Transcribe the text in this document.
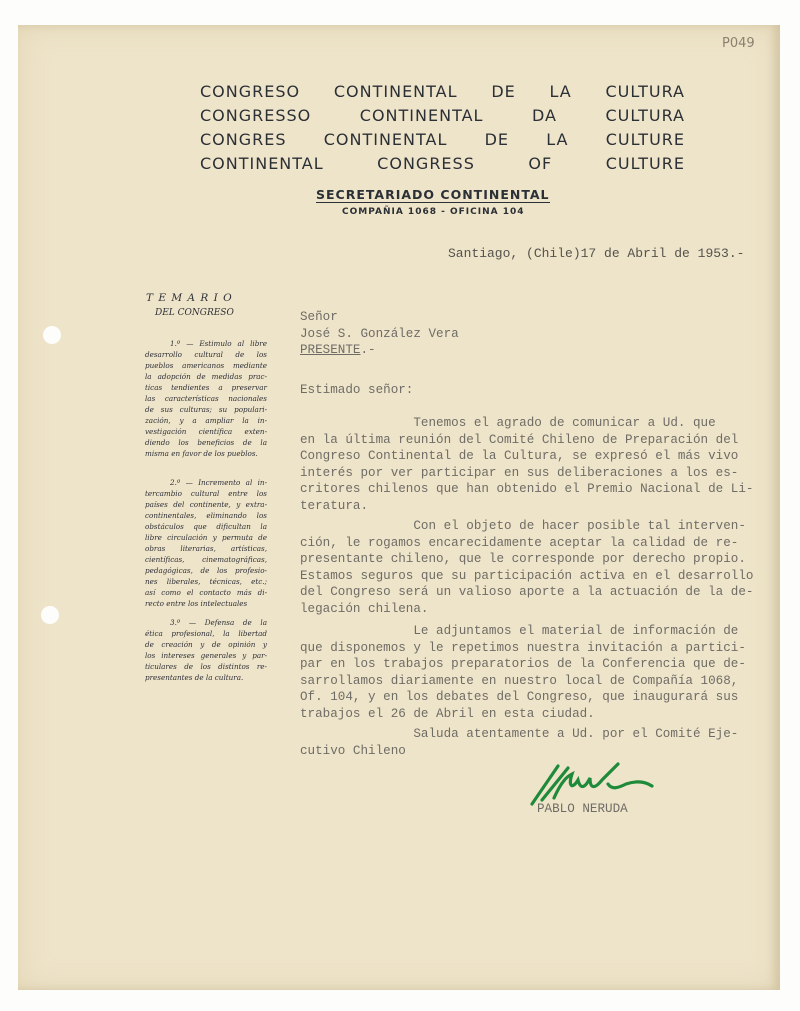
P049
CONGRESO CONTINENTAL DE LA CULTURA
CONGRESSO CONTINENTAL DA CULTURA
CONGRES CONTINENTAL DE LA CULTURE
CONTINENTAL CONGRESS OF CULTURE
SECRETARIADO CONTINENTAL
COMPAÑIA 1068 - OFICINA 104
T E M A R I O
DEL CONGRESO
1.º — Estimulo al libre
desarrollo cultural de los
pueblos americanos mediante
la adopción de medidas prac-
ticas tendientes a preservar
las características nacionales
de sus culturas; su populari-
zación, y a ampliar la in-
vestigación científica exten-
diendo los beneficios de la
misma en favor de los pueblos.
2.º — Incremento al in-
tercambio cultural entre los
países del continente, y extra-
continentales, eliminando los
obstáculos que dificultan la
libre circulación y permuta de
obras literarias, artísticas,
científicas, cinematográficas,
pedagógicas, de los profesio-
nes liberales, técnicas, etc.;
así como el contacto más di-
recto entre los intelectuales
3.º — Defensa de la
ética profesional, la libertad
de creación y de opinión y
los intereses generales y par-
ticulares de los distintos re-
presentantes de la cultura.
Santiago, (Chile)17 de Abril de 1953.-
Señor
José S. González Vera
PRESENTE.-
Estimado señor:
Tenemos el agrado de comunicar a Ud. que
en la última reunión del Comité Chileno de Preparación del
Congreso Continental de la Cultura, se expresó el más vivo
interés por ver participar en sus deliberaciones a los es-
critores chilenos que han obtenido el Premio Nacional de Li-
teratura.
Con el objeto de hacer posible tal interven-
ción, le rogamos encarecidamente aceptar la calidad de re-
presentante chileno, que le corresponde por derecho propio.
Estamos seguros que su participación activa en el desarrollo
del Congreso será un valioso aporte a la actuación de la de-
legación chilena.
Le adjuntamos el material de información de
que disponemos y le repetimos nuestra invitación a partici-
par en los trabajos preparatorios de la Conferencia que de-
sarrollamos diariamente en nuestro local de Compañía 1068,
Of. 104, y en los debates del Congreso, que inaugurará sus
trabajos el 26 de Abril en esta ciudad.
Saluda atentamente a Ud. por el Comité Eje-
cutivo Chileno
PABLO NERUDA
